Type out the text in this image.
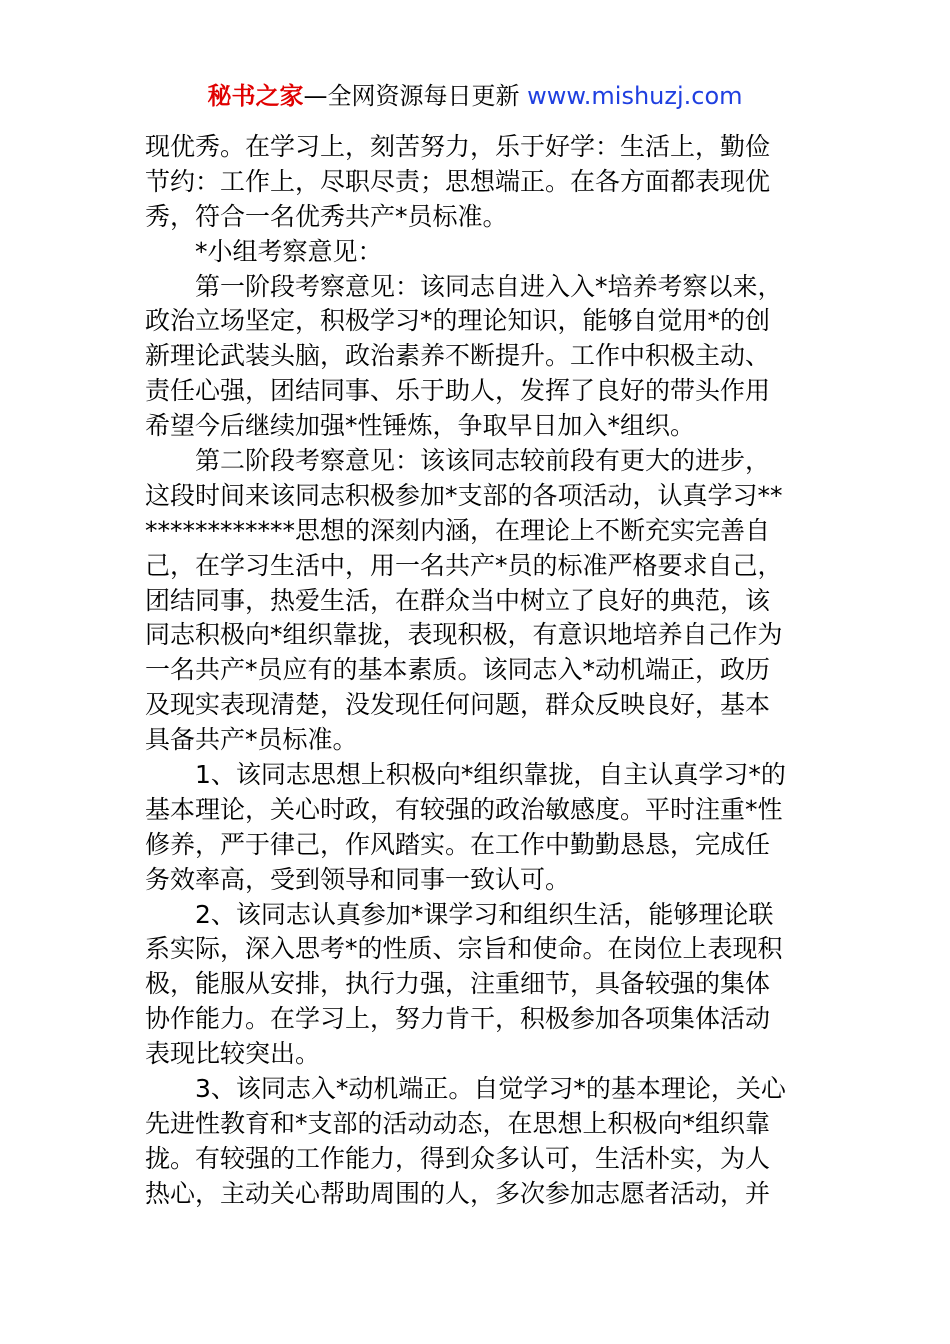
秘书之家—全网资源每日更新 www.mishuzj.com
现优秀。在学习上，刻苦努力，乐于好学：生活上，勤俭
节约：工作上，尽职尽责；思想端正。在各方面都表现优
秀，符合一名优秀共产*员标准。
*小组考察意见：
第一阶段考察意见：该同志自进入入*培养考察以来，
政治立场坚定，积极学习*的理论知识，能够自觉用*的创
新理论武装头脑，政治素养不断提升。工作中积极主动、
责任心强，团结同事、乐于助人，发挥了良好的带头作用
希望今后继续加强*性锤炼，争取早日加入*组织。
第二阶段考察意见：该该同志较前段有更大的进步，
这段时间来该同志积极参加*支部的各项活动，认真学习**
************思想的深刻内涵，在理论上不断充实完善自
己，在学习生活中，用一名共产*员的标准严格要求自己，
团结同事，热爱生活，在群众当中树立了良好的典范，该
同志积极向*组织靠拢，表现积极，有意识地培养自己作为
一名共产*员应有的基本素质。该同志入*动机端正，政历
及现实表现清楚，没发现任何问题，群众反映良好，基本
具备共产*员标准。
1、该同志思想上积极向*组织靠拢，自主认真学习*的
基本理论，关心时政，有较强的政治敏感度。平时注重*性
修养，严于律己，作风踏实。在工作中勤勤恳恳，完成任
务效率高，受到领导和同事一致认可。
2、该同志认真参加*课学习和组织生活，能够理论联
系实际，深入思考*的性质、宗旨和使命。在岗位上表现积
极，能服从安排，执行力强，注重细节，具备较强的集体
协作能力。在学习上，努力肯干，积极参加各项集体活动
表现比较突出。
3、该同志入*动机端正。自觉学习*的基本理论，关心
先进性教育和*支部的活动动态，在思想上积极向*组织靠
拢。有较强的工作能力，得到众多认可，生活朴实，为人
热心，主动关心帮助周围的人，多次参加志愿者活动，并
